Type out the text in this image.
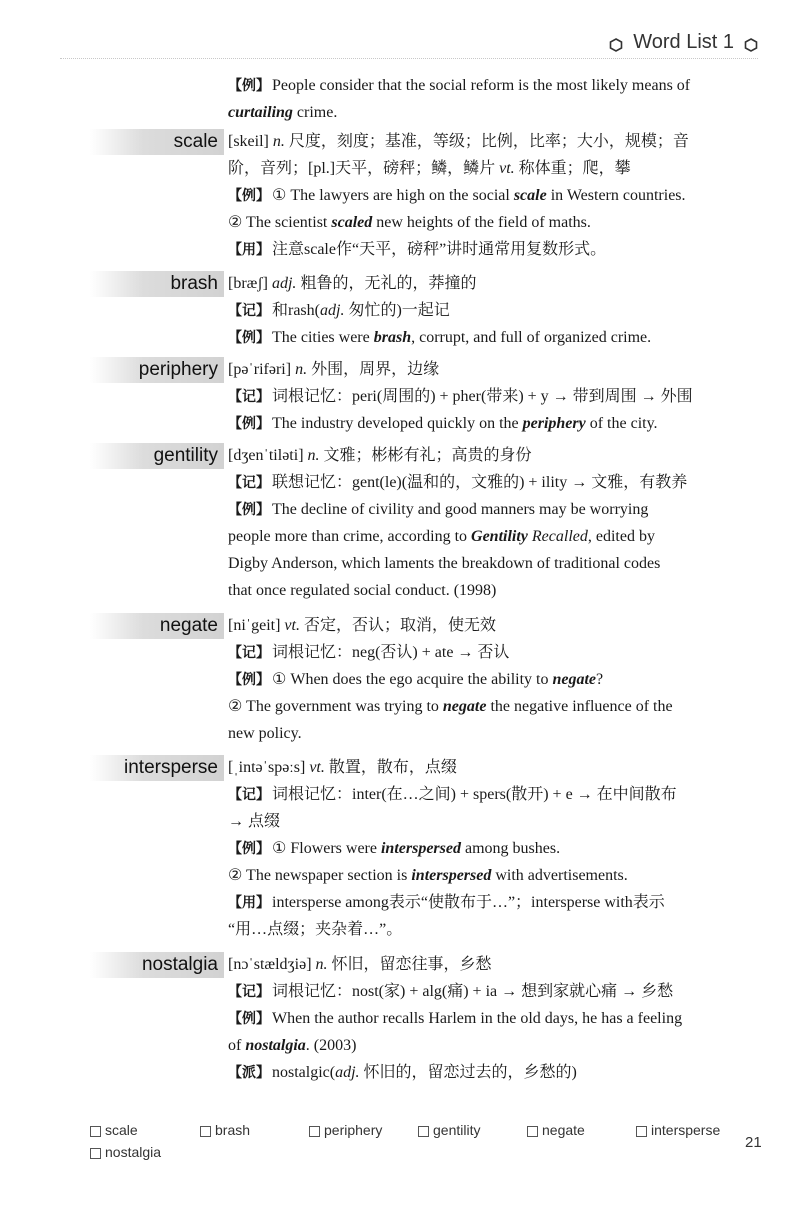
Word List 1
【例】 People consider that the social reform is the most likely means of
curtailing crime.
scale [skeil] n. 尺度，刻度；基准，等级；比例，比率；大小，规模；音
阶，音列；[pl.]天平，磅秤；鳞，鳞片 vt. 称体重；爬，攀
【例】 ① The lawyers are high on the social scale in Western countries.
② The scientist scaled new heights of the field of maths.
【用】 注意scale作“天平，磅秤”讲时通常用复数形式。
brash [bræʃ] adj. 粗鲁的，无礼的，莽撞的
【记】 和rash(adj. 匆忙的)一起记
【例】 The cities were brash, corrupt, and full of organized crime.
periphery [pəˈrifəri] n. 外围，周界，边缘
【记】 词根记忆：peri(周围的) + pher(带来) + y → 带到周围 → 外围
【例】 The industry developed quickly on the periphery of the city.
gentility [dʒenˈtiləti] n. 文雅；彬彬有礼；高贵的身份
【记】 联想记忆：gent(le)(温和的，文雅的) + ility → 文雅，有教养
【例】 The decline of civility and good manners may be worrying
people more than crime, according to Gentility Recalled, edited by
Digby Anderson, which laments the breakdown of traditional codes
that once regulated social conduct. (1998)
negate [niˈgeit] vt. 否定，否认；取消，使无效
【记】 词根记忆：neg(否认) + ate → 否认
【例】 ① When does the ego acquire the ability to negate?
② The government was trying to negate the negative influence of the
new policy.
intersperse [ˌintəˈspəːs] vt. 散置，散布，点缀
【记】 词根记忆：inter(在…之间) + spers(散开) + e → 在中间散布
→ 点缀
【例】 ① Flowers were interspersed among bushes.
② The newspaper section is interspersed with advertisements.
【用】 intersperse among表示“使散布于…”；intersperse with表示
“用…点缀；夹杂着…”。
nostalgia [nɔˈstældʒiə] n. 怀旧，留恋往事，乡愁
【记】 词根记忆：nost(家) + alg(痛) + ia → 想到家就心痛 → 乡愁
【例】 When the author recalls Harlem in the old days, he has a feeling
of nostalgia. (2003)
【派】 nostalgic(adj. 怀旧的，留恋过去的，乡愁的)
scale	brash	periphery	gentility	negate	intersperse
nostalgia
21
